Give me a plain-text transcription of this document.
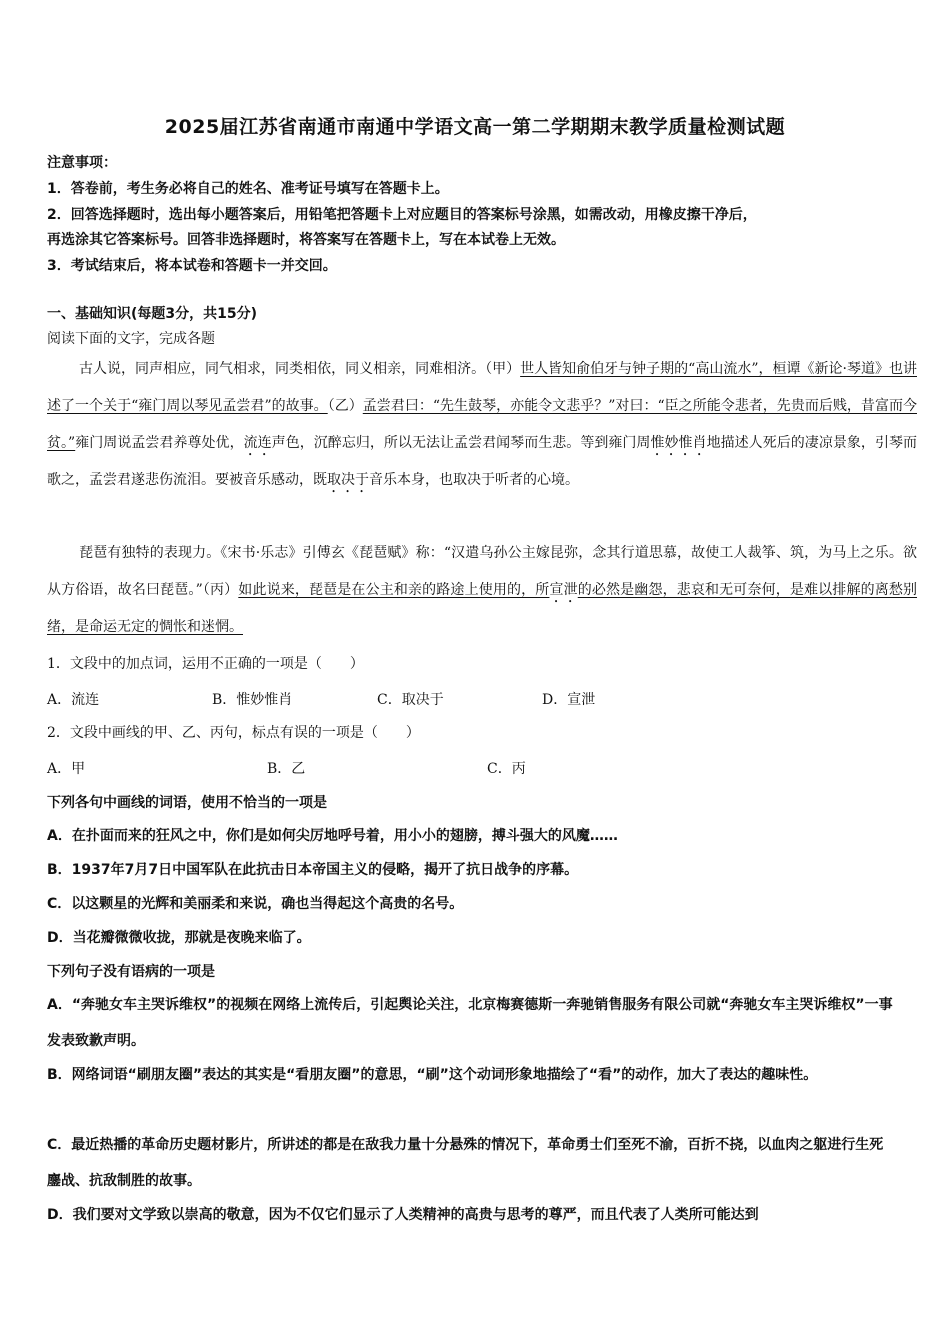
2025届江苏省南通市南通中学语文高一第二学期期末教学质量检测试题
注意事项：
1．答卷前，考生务必将自己的姓名、准考证号填写在答题卡上。
2．回答选择题时，选出每小题答案后，用铅笔把答题卡上对应题目的答案标号涂黑，如需改动，用橡皮擦干净后，
再选涂其它答案标号。回答非选择题时，将答案写在答题卡上，写在本试卷上无效。
3．考试结束后，将本试卷和答题卡一并交回。
一、基础知识(每题3分，共15分)
阅读下面的文字，完成各题
古人说，同声相应，同气相求，同类相依，同义相亲，同难相济。（甲）世人皆知俞伯牙与钟子期的“高山流水”，桓谭《新论·琴道》也讲述了一个关于“雍门周以琴见孟尝君”的故事。（乙）孟尝君曰：“先生鼓琴，亦能令文悲乎？”对曰：“臣之所能令悲者，先贵而后贱，昔富而今贫。”雍门周说孟尝君养尊处优，流连声色，沉醉忘归，所以无法让孟尝君闻琴而生悲。等到雍门周惟妙惟肖地描述人死后的凄凉景象，引琴而歌之，孟尝君遂悲伤流泪。要被音乐感动，既取决于音乐本身，也取决于听者的心境。
琵琶有独特的表现力。《宋书·乐志》引傅玄《琵琶赋》称：“汉遣乌孙公主嫁昆弥，念其行道思慕，故使工人裁筝、筑，为马上之乐。欲从方俗语，故名曰琵琶。”（丙）如此说来，琵琶是在公主和亲的路途上使用的，所宣泄的必然是幽怨，悲哀和无可奈何，是难以排解的离愁别绪，是命运无定的惆怅和迷惘。
1．文段中的加点词，运用不正确的一项是（　　）
A．流连	B．惟妙惟肖	C．取决于	D．宣泄
2．文段中画线的甲、乙、丙句，标点有误的一项是（　　）
A．甲	B．乙	C．丙
下列各句中画线的词语，使用不恰当的一项是
A．在扑面而来的狂风之中，你们是如何尖厉地呼号着，用小小的翅膀，搏斗强大的风魔……
B．1937年7月7日中国军队在此抗击日本帝国主义的侵略，揭开了抗日战争的序幕。
C．以这颗星的光辉和美丽柔和来说，确也当得起这个高贵的名号。
D．当花瓣微微收拢，那就是夜晚来临了。
下列句子没有语病的一项是
A．“奔驰女车主哭诉维权”的视频在网络上流传后，引起舆论关注，北京梅赛德斯一奔驰销售服务有限公司就“奔驰女车主哭诉维权”一事发表致歉声明。
B．网络词语“刷朋友圈”表达的其实是“看朋友圈”的意思，“刷”这个动词形象地描绘了“看”的动作，加大了表达的趣味性。
C．最近热播的革命历史题材影片，所讲述的都是在敌我力量十分悬殊的情况下，革命勇士们至死不渝，百折不挠，以血肉之躯进行生死鏖战、抗敌制胜的故事。
D．我们要对文学致以崇高的敬意，因为不仅它们显示了人类精神的高贵与思考的尊严，而且代表了人类所可能达到
